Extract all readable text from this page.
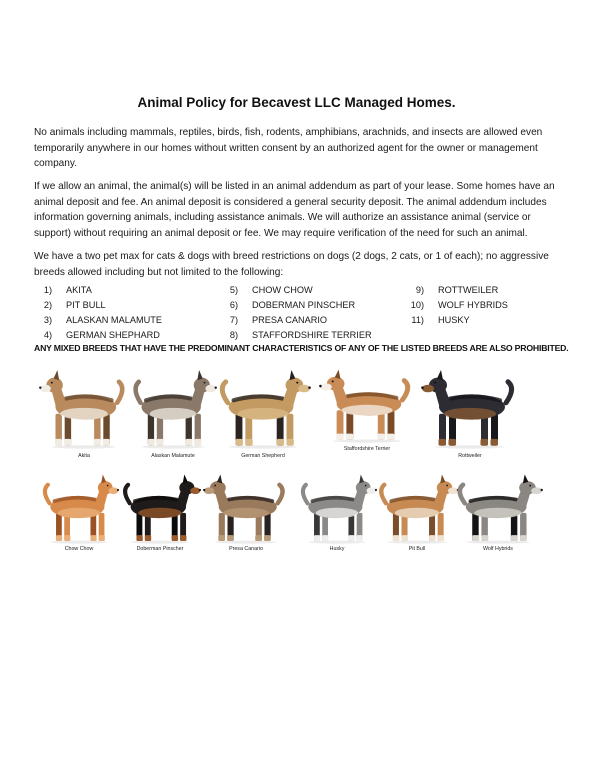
Animal Policy for Becavest LLC Managed Homes.
No animals including mammals, reptiles, birds, fish, rodents, amphibians, arachnids, and insects are allowed even temporarily anywhere in our homes without written consent by an authorized agent for the owner or management company.
If we allow an animal, the animal(s) will be listed in an animal addendum as part of your lease. Some homes have an animal deposit and fee. An animal deposit is considered a general security deposit. The animal addendum includes information governing animals, including assistance animals. We will authorize an assistance animal (service or support) without requiring an animal deposit or fee. We may require verification of the need for such an animal.
We have a two pet max for cats & dogs with breed restrictions on dogs (2 dogs, 2 cats, or 1 of each); no aggressive breeds allowed including but not limited to the following:
1) AKITA
2) PIT BULL
3) ALASKAN MALAMUTE
4) GERMAN SHEPHARD
5) CHOW CHOW
6) DOBERMAN PINSCHER
7) PRESA CANARIO
8) STAFFORDSHIRE TERRIER
9) ROTTWEILER
10) WOLF HYBRIDS
11) HUSKY
ANY MIXED BREEDS THAT HAVE THE PREDOMINANT CHARACTERISTICS OF ANY OF THE LISTED BREEDS ARE ALSO PROHIBITED.
Akita	Alaskan Malamute	German Shepherd
Staffordshire Terrier
Rottweiler
Chow Chow	Doberman Pinscher	Presa Canario	Husky	Pit Bull	Wolf Hybrids
